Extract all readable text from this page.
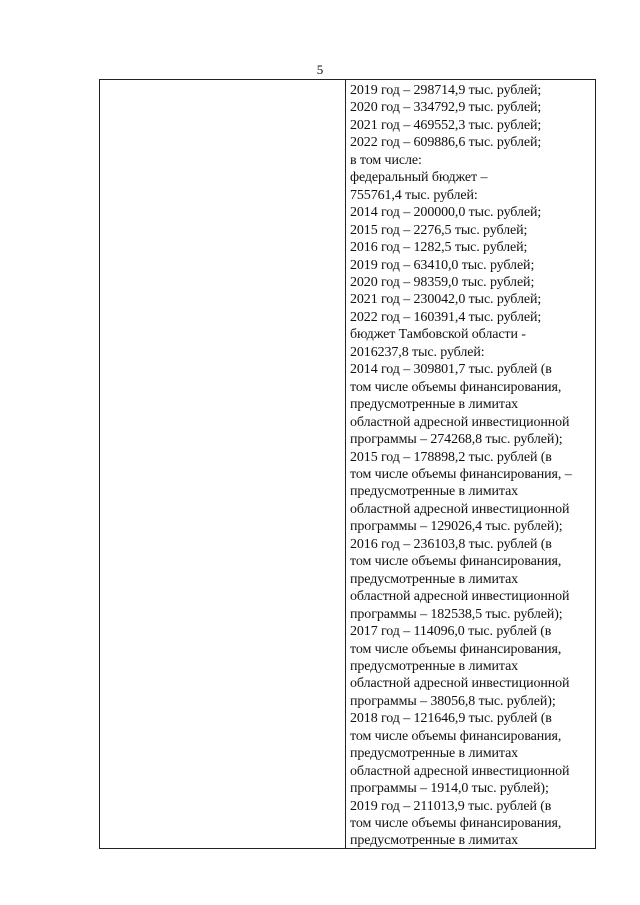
5
2019 год – 298714,9 тыс. рублей;
2020 год – 334792,9 тыс. рублей;
2021 год – 469552,3 тыс. рублей;
2022 год – 609886,6 тыс. рублей;
в том числе:
федеральный бюджет –
755761,4 тыс. рублей:
2014 год – 200000,0 тыс. рублей;
2015 год – 2276,5 тыс. рублей;
2016 год – 1282,5 тыс. рублей;
2019 год – 63410,0 тыс. рублей;
2020 год – 98359,0 тыс. рублей;
2021 год – 230042,0 тыс. рублей;
2022 год – 160391,4 тыс. рублей;
бюджет Тамбовской области -
2016237,8 тыс. рублей:
2014 год – 309801,7 тыс. рублей (в
том числе объемы финансирования,
предусмотренные в лимитах
областной адресной инвестиционной
программы – 274268,8 тыс. рублей);
2015 год – 178898,2 тыс. рублей (в
том числе объемы финансирования, –
предусмотренные в лимитах
областной адресной инвестиционной
программы – 129026,4 тыс. рублей);
2016 год – 236103,8 тыс. рублей (в
том числе объемы финансирования,
предусмотренные в лимитах
областной адресной инвестиционной
программы – 182538,5 тыс. рублей);
2017 год – 114096,0 тыс. рублей (в
том числе объемы финансирования,
предусмотренные в лимитах
областной адресной инвестиционной
программы – 38056,8 тыс. рублей);
2018 год – 121646,9 тыс. рублей (в
том числе объемы финансирования,
предусмотренные в лимитах
областной адресной инвестиционной
программы – 1914,0 тыс. рублей);
2019 год – 211013,9 тыс. рублей (в
том числе объемы финансирования,
предусмотренные в лимитах
